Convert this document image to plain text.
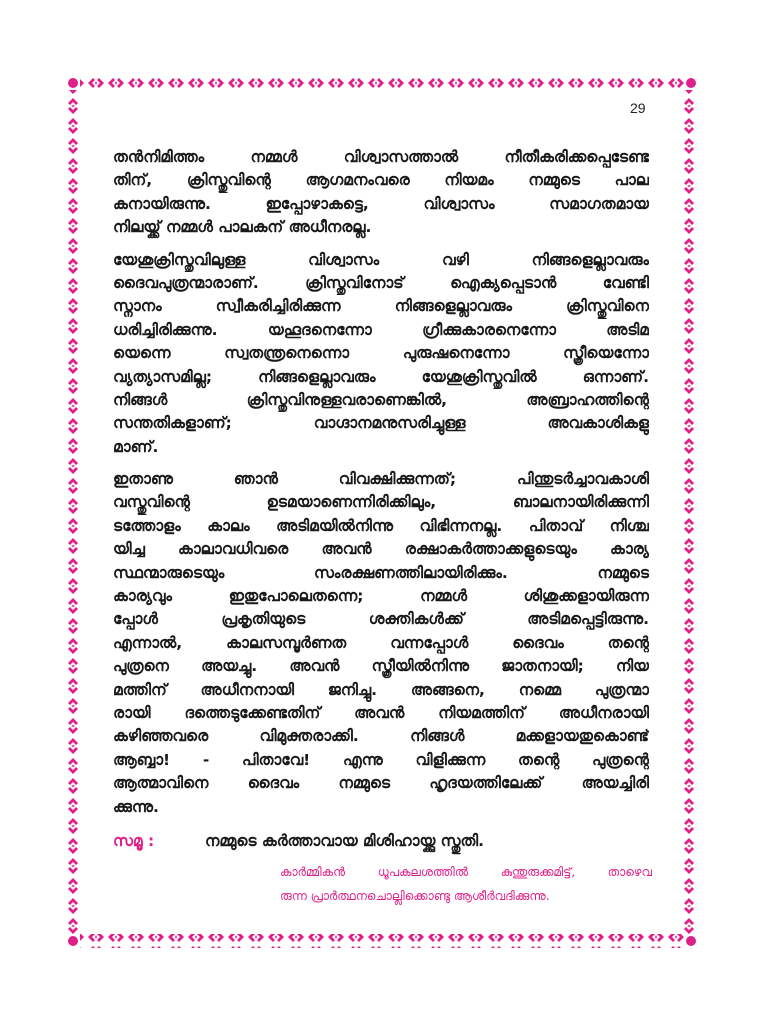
29
തൻനിമിത്തം നമ്മൾ വിശ്വാസത്താൽ നീതീകരിക്കപ്പെടേണ്ട
തിന്, ക്രിസ്തുവിന്റെ ആഗമനംവരെ നിയമം നമ്മുടെ പാല
കനായിരുന്നു. ഇപ്പോഴാകട്ടെ, വിശ്വാസം സമാഗതമായ
നിലയ്ക്ക് നമ്മൾ പാലകന് അധീനരല്ല.
യേശുക്രിസ്തുവിലുള്ള വിശ്വാസം വഴി നിങ്ങളെല്ലാവരും
ദൈവപുത്രന്മാരാണ്. ക്രിസ്തുവിനോട് ഐക്യപ്പെടാൻ വേണ്ടി
സ്നാനം സ്വീകരിച്ചിരിക്കുന്ന നിങ്ങളെല്ലാവരും ക്രിസ്തുവിനെ
ധരിച്ചിരിക്കുന്നു. യഹൂദനെന്നോ ഗ്രീക്കുകാരനെന്നോ അടിമ
യെന്നെ സ്വതന്ത്രനെന്നൊ പുരുഷനെന്നോ സ്ത്രീയെന്നോ
വ്യത്യാസമില്ല; നിങ്ങളെല്ലാവരും യേശുക്രിസ്തുവിൽ ഒന്നാണ്.
നിങ്ങൾ ക്രിസ്തുവിനുള്ളവരാണെങ്കിൽ, അബ്രാഹത്തിന്റെ
സന്തതികളാണ്; വാഗ്ദാനമനുസരിച്ചുള്ള അവകാശികളു
മാണ്.
ഇതാണു ഞാൻ വിവക്ഷിക്കുന്നത്; പിന്തുടർച്ചാവകാശി
വസ്തുവിന്റെ ഉടമയാണെന്നിരിക്കിലും, ബാലനായിരിക്കുന്നി
ടത്തോളം കാലം അടിമയിൽനിന്നു വിഭിന്നനല്ല. പിതാവ് നിശ്ച
യിച്ച കാലാവധിവരെ അവൻ രക്ഷാകർത്താക്കളുടെയും കാര്യ
സ്ഥന്മാരുടെയും സംരക്ഷണത്തിലായിരിക്കും. നമ്മുടെ
കാര്യവും ഇതുപോലെതന്നെ; നമ്മൾ ശിശുക്കളായിരുന്ന
പ്പോൾ പ്രകൃതിയുടെ ശക്തികൾക്ക് അടിമപ്പെട്ടിരുന്നു.
എന്നാൽ, കാലസമ്പൂർണത വന്നപ്പോൾ ദൈവം തന്റെ
പുത്രനെ അയച്ചു. അവൻ സ്ത്രീയിൽനിന്നു ജാതനായി; നിയ
മത്തിന് അധീനനായി ജനിച്ചു. അങ്ങനെ, നമ്മെ പുത്രന്മാ
രായി ദത്തെടുക്കേണ്ടതിന് അവൻ നിയമത്തിന് അധീനരായി
കഴിഞ്ഞവരെ വിമുക്തരാക്കി. നിങ്ങൾ മക്കളായതുകൊണ്ട്
ആബ്ബാ! - പിതാവേ! എന്നു വിളിക്കുന്ന തന്റെ പുത്രന്റെ
ആത്മാവിനെ ദൈവം നമ്മുടെ ഹൃദയത്തിലേക്ക് അയച്ചിരി
ക്കുന്നു.
സമൂ :	നമ്മുടെ കർത്താവായ മിശിഹായ്ക്കു സ്തുതി.
കാർമ്മികൻ ധൂപകലശത്തിൽ കുന്തുരുക്കമിട്ട്, താഴെവ
രുന്ന പ്രാർത്ഥനചൊല്ലിക്കൊണ്ടു ആശീർവദിക്കുന്നു.
